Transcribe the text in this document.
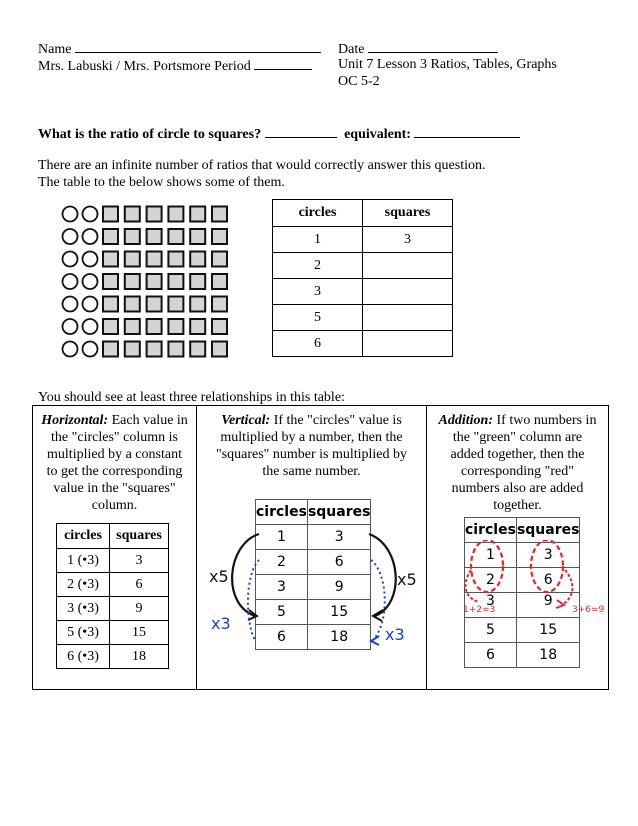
Name
Mrs. Labuski / Mrs. Portsmore Period
Date
Unit 7 Lesson 3 Ratios, Tables, Graphs
OC 5-2
What is the ratio of circle to squares?	equivalent:
There are an infinite number of ratios that would correctly answer this question.
The table to the below shows some of them.
circles	squares
1	3
2	
3	
5	
6	
You should see at least three relationships in this table:
Horizontal: Each value in
the "circles" column is
multiplied by a constant
to get the corresponding
value in the "squares"
column.
circles	squares
1 (•3)	3
2 (•3)	6
3 (•3)	9
5 (•3)	15
6 (•3)	18
Vertical: If the "circles" value is
multiplied by a number, then the
"squares" number is multiplied by
the same number.
circles	squares
1	3
2	6
3	9
5	15
6	18
x5	x5
x3
x3
Addition: If two numbers in
the "green" column are
added together, then the
corresponding "red"
numbers also are added
together.
circles	squares
1	3
2	6
3	9
5	15
6	18
1+2=3	3+6=9
